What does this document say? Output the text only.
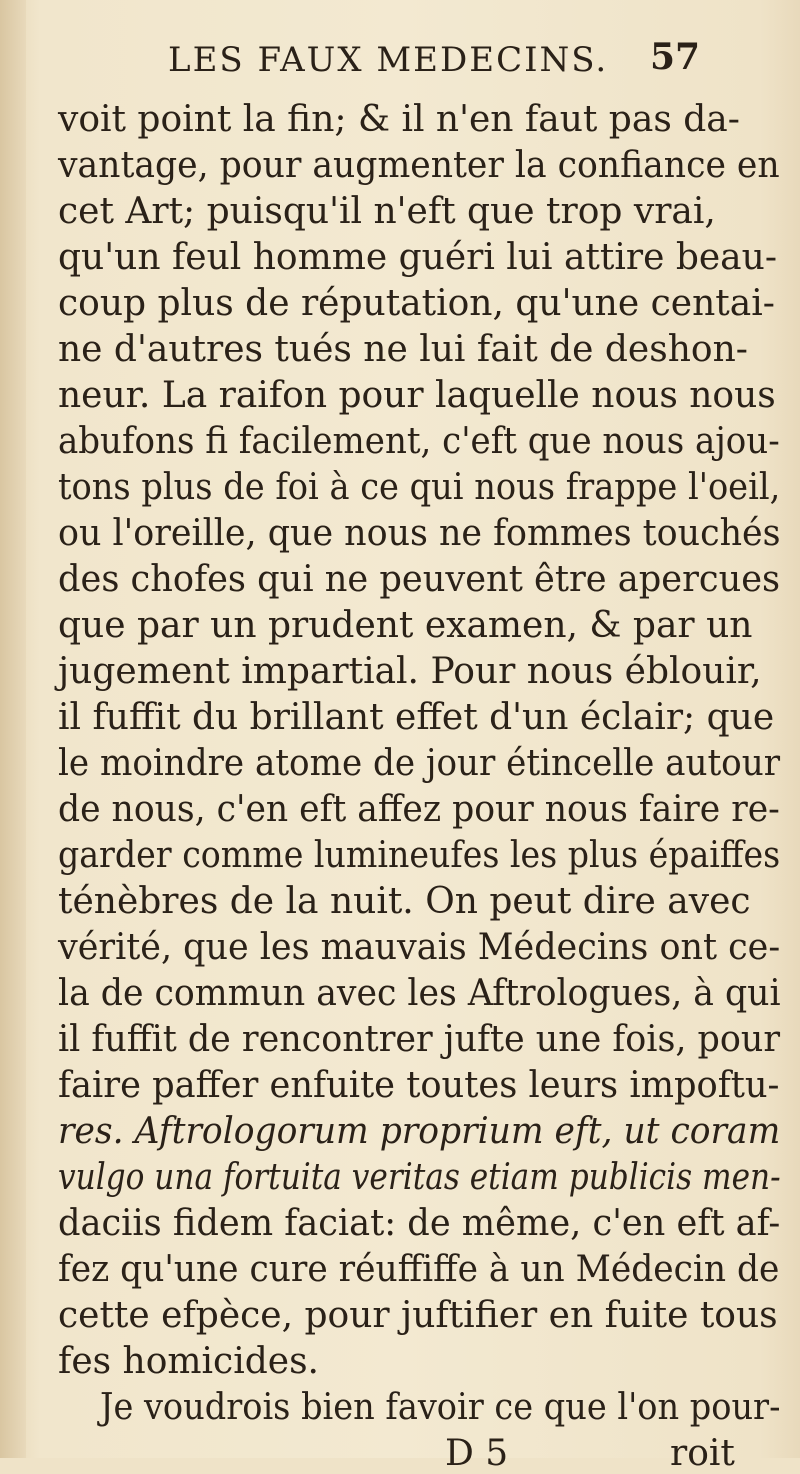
LES FAUX MEDECINS. 57
voit point la fin; & il n'en faut pas da-
vantage, pour augmenter la confiance en
cet Art; puisqu'il n'eft que trop vrai,
qu'un feul homme guéri lui attire beau-
coup plus de réputation, qu'une centai-
ne d'autres tués ne lui fait de deshon-
neur. La raifon pour laquelle nous nous
abufons fi facilement, c'eft que nous ajou-
tons plus de foi à ce qui nous frappe l'oeil,
ou l'oreille, que nous ne fommes touchés
des chofes qui ne peuvent être apercues
que par un prudent examen, & par un
jugement impartial. Pour nous éblouir,
il fuffit du brillant effet d'un éclair; que
le moindre atome de jour étincelle autour
de nous, c'en eft affez pour nous faire re-
garder comme lumineufes les plus épaiffes
ténèbres de la nuit. On peut dire avec
vérité, que les mauvais Médecins ont ce-
la de commun avec les Aftrologues, à qui
il fuffit de rencontrer jufte une fois, pour
faire paffer enfuite toutes leurs impoftu-
res. Aftrologorum proprium eft, ut coram
vulgo una fortuita veritas etiam publicis men-
daciis fidem faciat: de même, c'en eft af-
fez qu'une cure réuffiffe à un Médecin de
cette efpèce, pour juftifier en fuite tous
fes homicides.
Je voudrois bien favoir ce que l'on pour-
D 5	roit
